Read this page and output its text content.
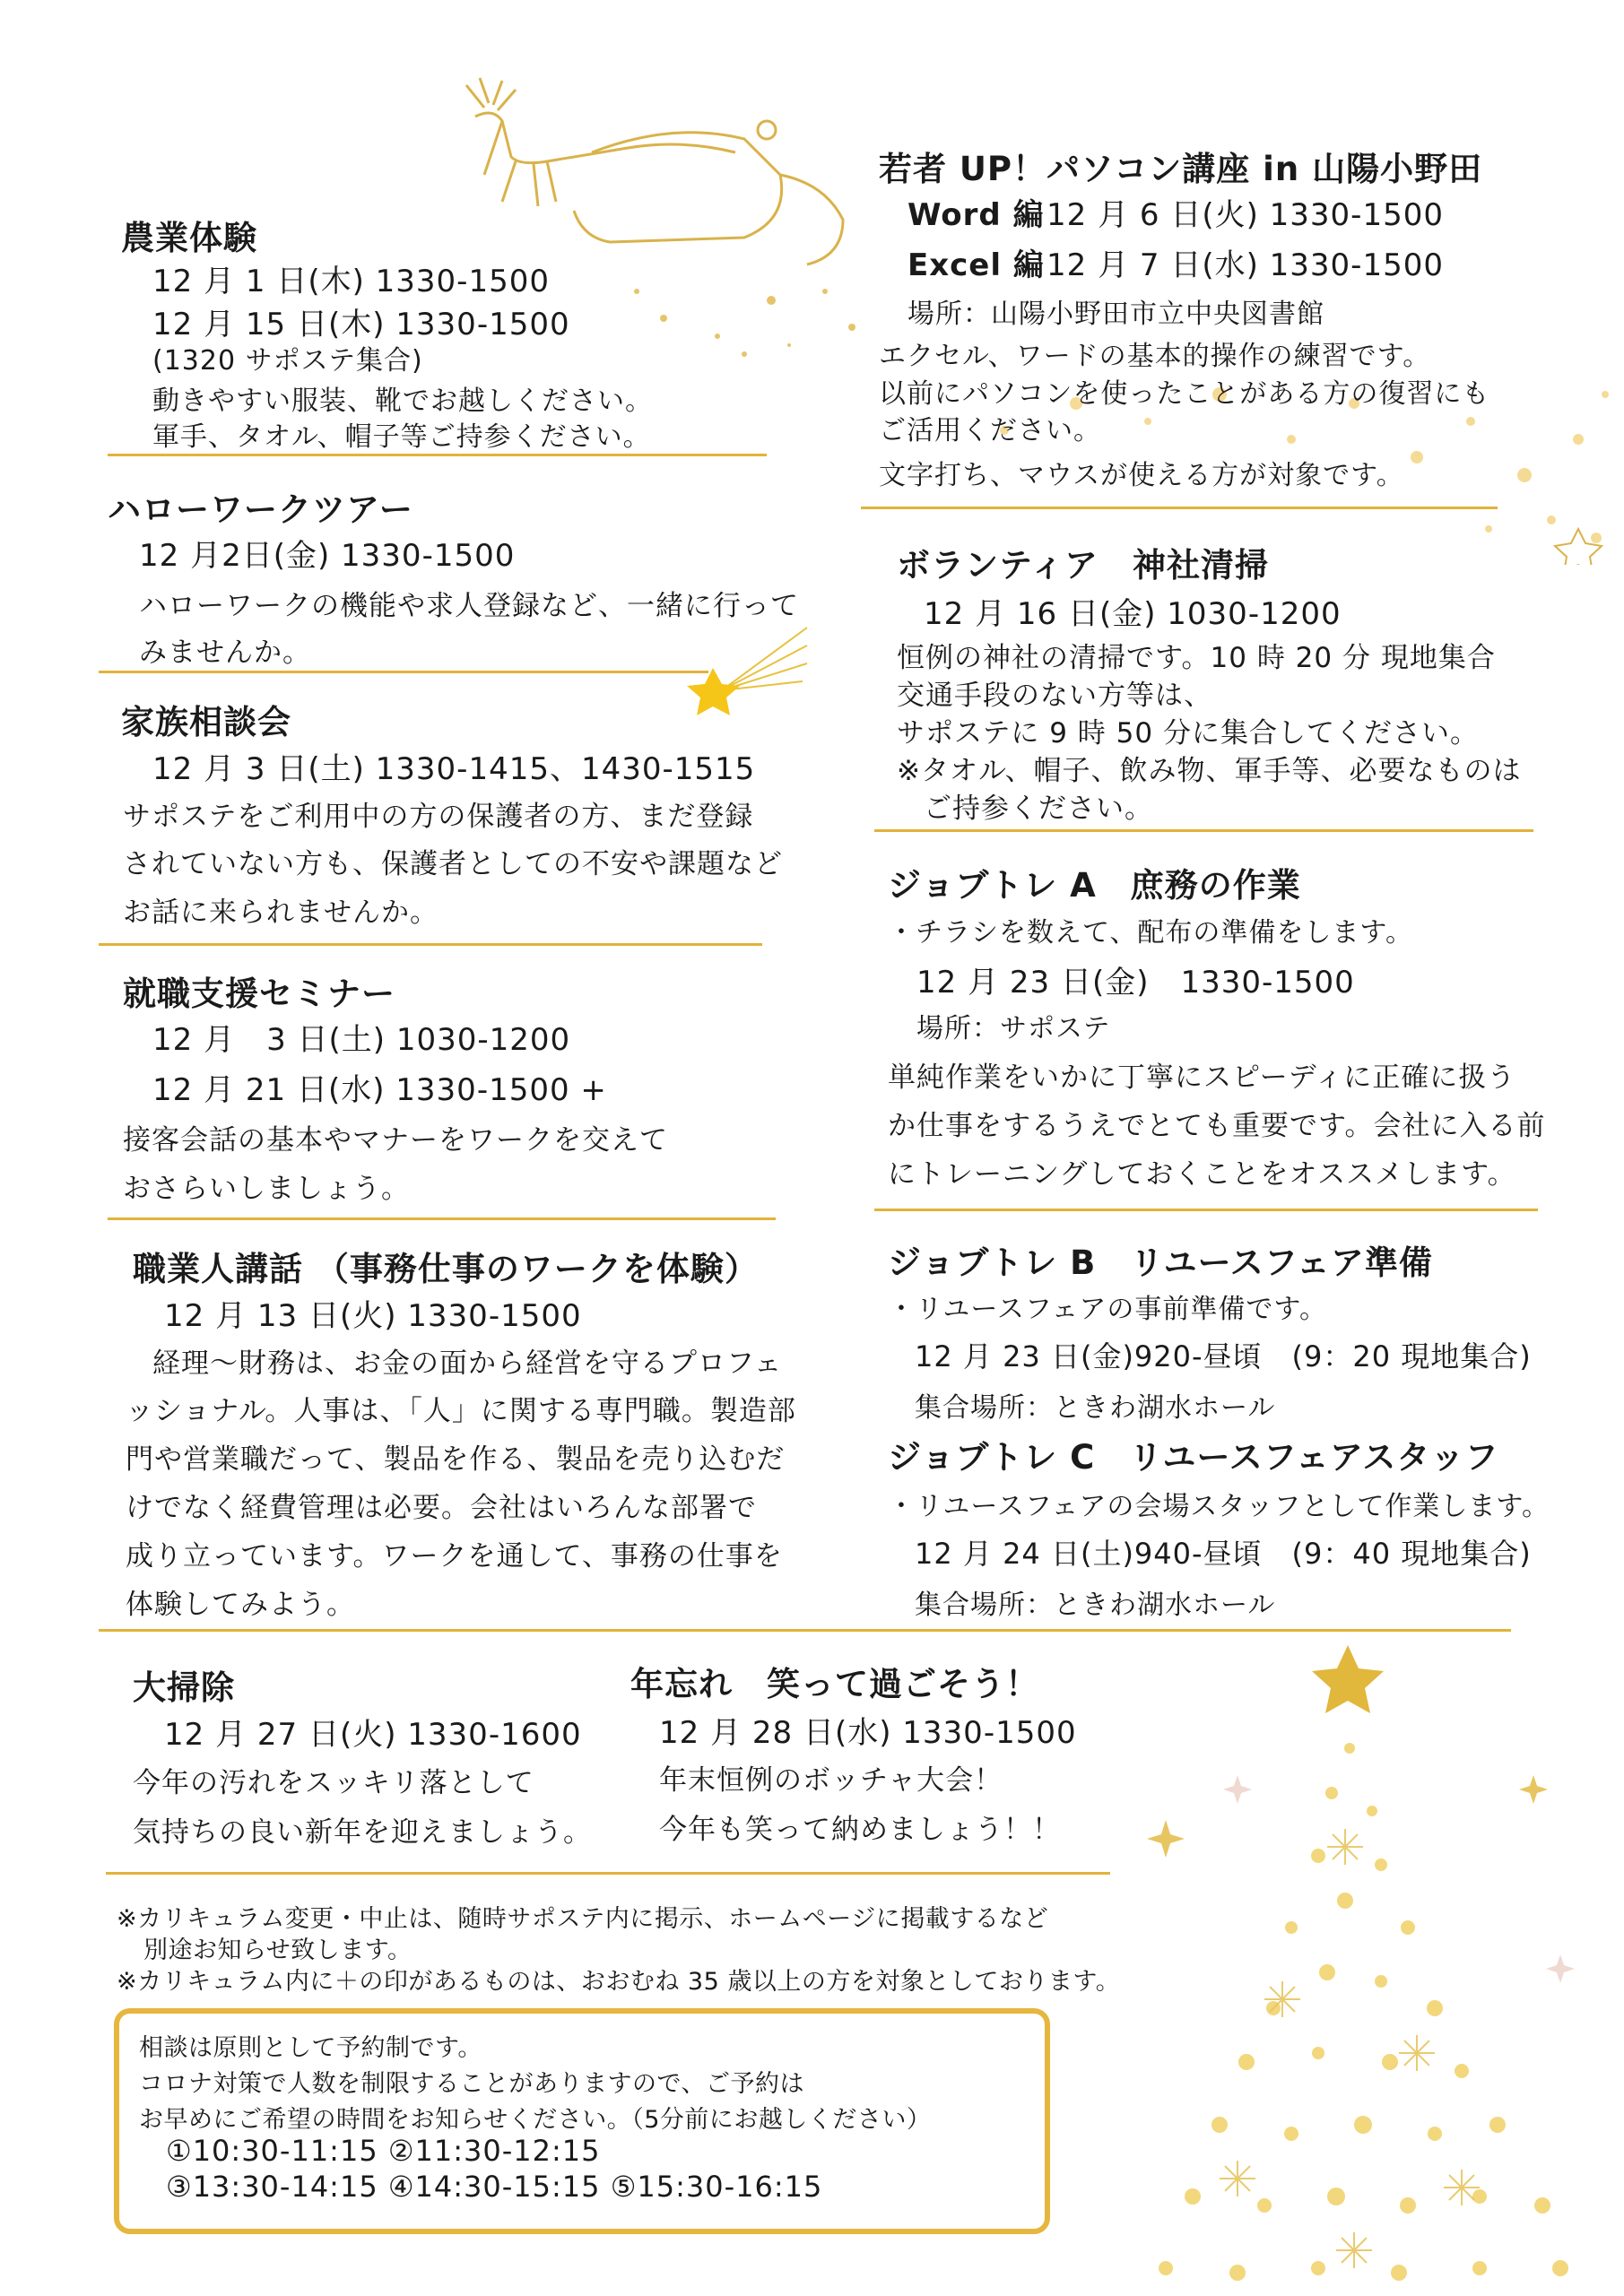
農業体験
12 月 1 日(木) 1330-1500
12 月 15 日(木) 1330-1500
(1320 サポステ集合)
動きやすい服装、靴でお越しください。
軍手、タオル、帽子等ご持参ください。
ハローワークツアー
12 月2日(金) 1330-1500
ハローワークの機能や求人登録など、一緒に行って
みませんか。
家族相談会
12 月 3 日(土) 1330-1415、1430-1515
サポステをご利用中の方の保護者の方、まだ登録
されていない方も、保護者としての不安や課題など
お話に来られませんか。
就職支援セミナー
12 月　3 日(土) 1030-1200
12 月 21 日(水) 1330-1500 +
接客会話の基本やマナーをワークを交えて
おさらいしましょう。
職業人講話 （事務仕事のワークを体験）
12 月 13 日(火) 1330-1500
経理～財務は、お金の面から経営を守るプロフェ
ッショナル。人事は、「人」に関する専門職。製造部
門や営業職だって、製品を作る、製品を売り込むだ
けでなく経費管理は必要。会社はいろんな部署で
成り立っています。ワークを通して、事務の仕事を
体験してみよう。
若者 UP！パソコン講座 in 山陽小野田
Word 編 12 月 6 日(火) 1330-1500
Excel 編 12 月 7 日(水) 1330-1500
場所：山陽小野田市立中央図書館
エクセル、ワードの基本的操作の練習です。
以前にパソコンを使ったことがある方の復習にも
ご活用ください。
文字打ち、マウスが使える方が対象です。
ボランティア　神社清掃
12 月 16 日(金) 1030-1200
恒例の神社の清掃です。10 時 20 分 現地集合
交通手段のない方等は、
サポステに 9 時 50 分に集合してください。
※タオル、帽子、飲み物、軍手等、必要なものは
ご持参ください。
ジョブトレ A　庶務の作業
・チラシを数えて、配布の準備をします。
12 月 23 日(金)　1330-1500
場所：サポステ
単純作業をいかに丁寧にスピーディに正確に扱う
か仕事をするうえでとても重要です。会社に入る前
にトレーニングしておくことをオススメします。
ジョブトレ B　リユースフェア準備
・リユースフェアの事前準備です。
12 月 23 日(金)920-昼頃　(9：20 現地集合)
集合場所：ときわ湖水ホール
ジョブトレ C　リユースフェアスタッフ
・リユースフェアの会場スタッフとして作業します。
12 月 24 日(土)940-昼頃　(9：40 現地集合)
集合場所：ときわ湖水ホール
大掃除
12 月 27 日(火) 1330-1600
今年の汚れをスッキリ落として
気持ちの良い新年を迎えましょう。
年忘れ　笑って過ごそう！
12 月 28 日(水) 1330-1500
年末恒例のボッチャ大会！
今年も笑って納めましょう！！
※カリキュラム変更・中止は、随時サポステ内に掲示、ホームページに掲載するなど
別途お知らせ致します。
※カリキュラム内に＋の印があるものは、おおむね 35 歳以上の方を対象としております。
相談は原則として予約制です。
コロナ対策で人数を制限することがありますので、ご予約は
お早めにご希望の時間をお知らせください。（5分前にお越しください）
①10:30-11:15 ②11:30-12:15
③13:30-14:15 ④14:30-15:15 ⑤15:30-16:15
